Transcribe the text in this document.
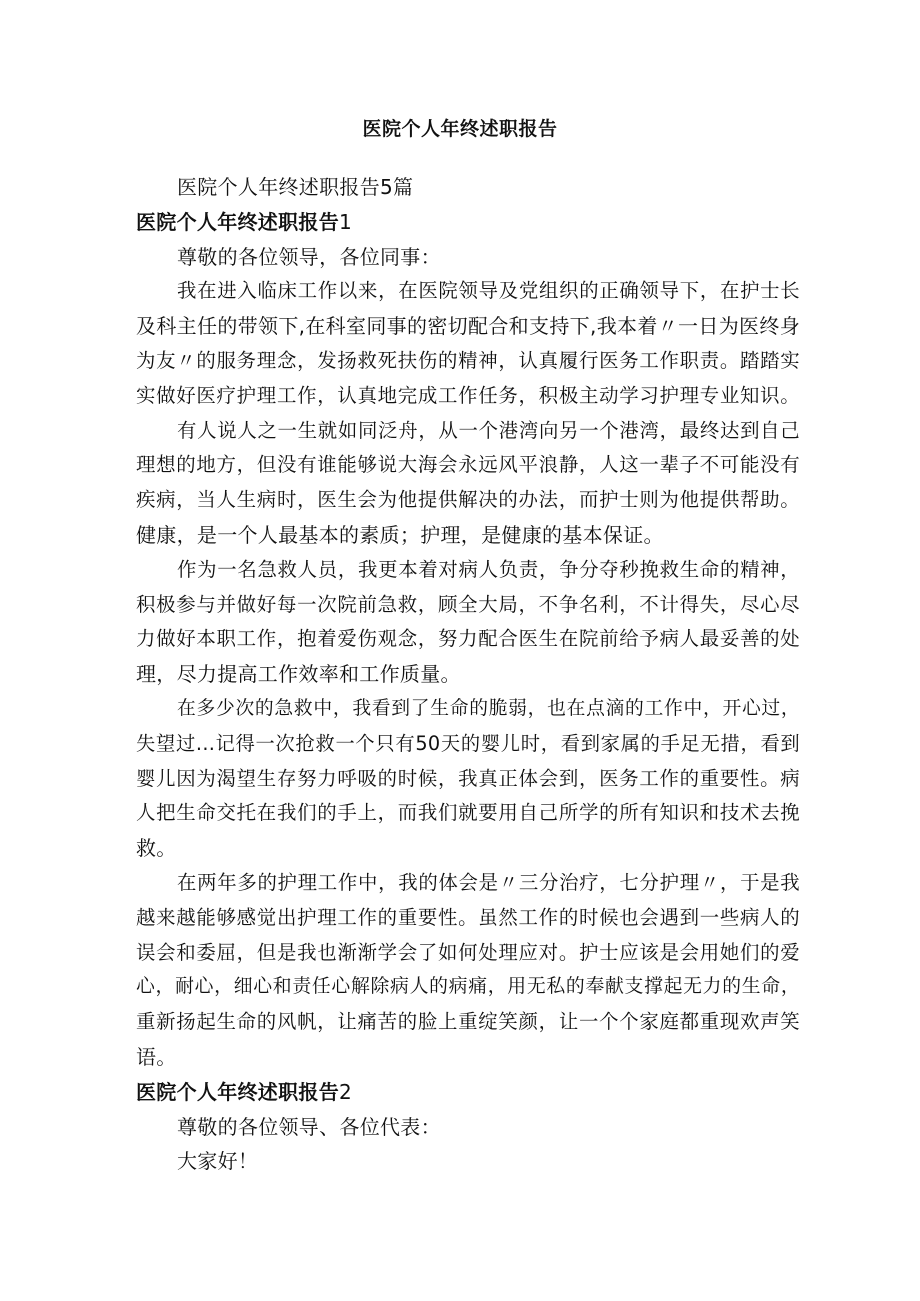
医院个人年终述职报告
医院个人年终述职报告5篇
医院个人年终述职报告1
尊敬的各位领导，各位同事：

我在进入临床工作以来，在医院领导及党组织的正确领导下，在护士长

及科主任的带领下,在科室同事的密切配合和支持下,我本着〃一日为医终身

为友〃的服务理念，发扬救死扶伤的精神，认真履行医务工作职责。踏踏实

实做好医疗护理工作，认真地完成工作任务，积极主动学习护理专业知识。

有人说人之一生就如同泛舟，从一个港湾向另一个港湾，最终达到自己

理想的地方，但没有谁能够说大海会永远风平浪静，人这一辈子不可能没有

疾病，当人生病时，医生会为他提供解决的办法，而护士则为他提供帮助。

健康，是一个人最基本的素质；护理，是健康的基本保证。

作为一名急救人员，我更本着对病人负责，争分夺秒挽救生命的精神，

积极参与并做好每一次院前急救，顾全大局，不争名利，不计得失，尽心尽

力做好本职工作，抱着爱伤观念，努力配合医生在院前给予病人最妥善的处

理，尽力提高工作效率和工作质量。

在多少次的急救中，我看到了生命的脆弱，也在点滴的工作中，开心过，

失望过...记得一次抢救一个只有50天的婴儿时，看到家属的手足无措，看到

婴儿因为渴望生存努力呼吸的时候，我真正体会到，医务工作的重要性。病

人把生命交托在我们的手上，而我们就要用自己所学的所有知识和技术去挽

救。

在两年多的护理工作中，我的体会是〃三分治疗，七分护理〃，于是我

越来越能够感觉出护理工作的重要性。虽然工作的时候也会遇到一些病人的

误会和委屈，但是我也渐渐学会了如何处理应对。护士应该是会用她们的爱

心，耐心，细心和责任心解除病人的病痛，用无私的奉献支撑起无力的生命，

重新扬起生命的风帆，让痛苦的脸上重绽笑颜，让一个个家庭都重现欢声笑

语。

医院个人年终述职报告2
尊敬的各位领导、各位代表：

大家好！
